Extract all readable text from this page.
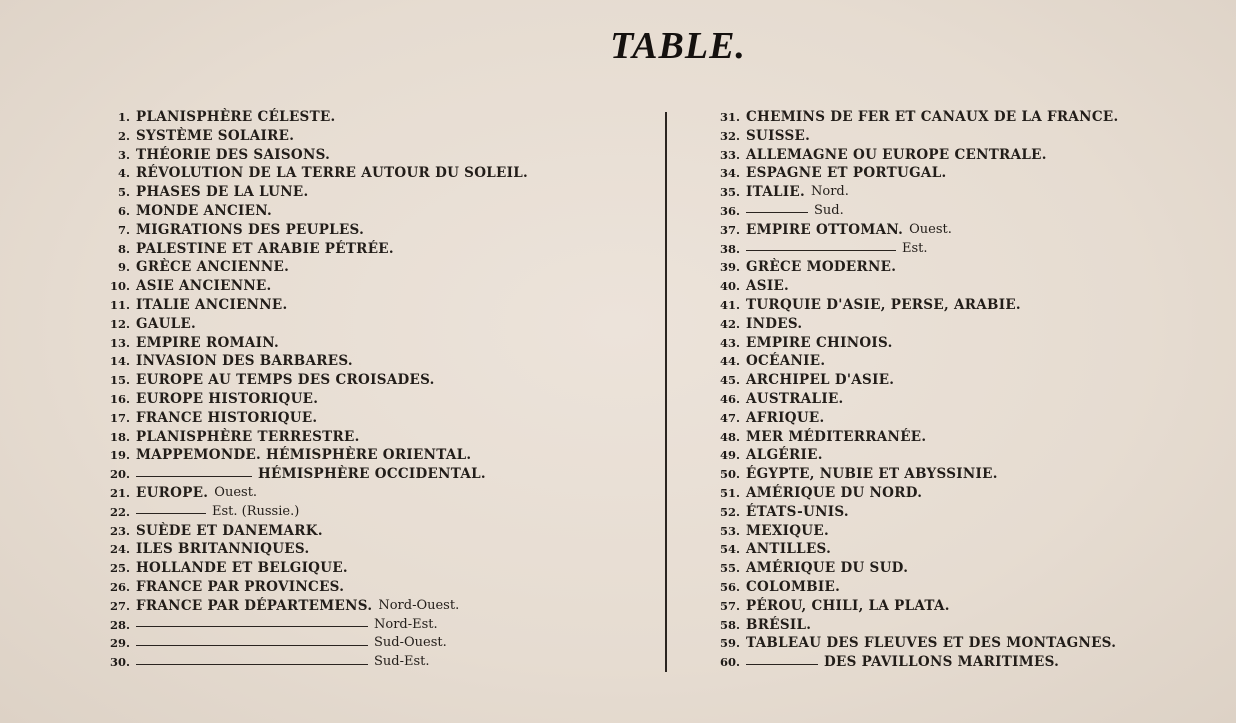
TABLE.
1. PLANISPHÈRE CÉLESTE.
2. SYSTÈME SOLAIRE.
3. THÉORIE DES SAISONS.
4. RÉVOLUTION DE LA TERRE AUTOUR DU SOLEIL.
5. PHASES DE LA LUNE.
6. MONDE ANCIEN.
7. MIGRATIONS DES PEUPLES.
8. PALESTINE ET ARABIE PÉTRÉE.
9. GRÈCE ANCIENNE.
10. ASIE ANCIENNE.
11. ITALIE ANCIENNE.
12. GAULE.
13. EMPIRE ROMAIN.
14. INVASION DES BARBARES.
15. EUROPE AU TEMPS DES CROISADES.
16. EUROPE HISTORIQUE.
17. FRANCE HISTORIQUE.
18. PLANISPHÈRE TERRESTRE.
19. MAPPEMONDE. HÉMISPHÈRE ORIENTAL.
20.	HÉMISPHÈRE OCCIDENTAL.
21. EUROPE. Ouest.
22.	Est. (Russie.)
23. SUÈDE ET DANEMARK.
24. ILES BRITANNIQUES.
25. HOLLANDE ET BELGIQUE.
26. FRANCE PAR PROVINCES.
27. FRANCE PAR DÉPARTEMENS. Nord-Ouest.
28.	Nord-Est.
29.	Sud-Ouest.
30.	Sud-Est.
31. CHEMINS DE FER ET CANAUX DE LA FRANCE.
32. SUISSE.
33. ALLEMAGNE OU EUROPE CENTRALE.
34. ESPAGNE ET PORTUGAL.
35. ITALIE. Nord.
36.	Sud.
37. EMPIRE OTTOMAN. Ouest.
38.	Est.
39. GRÈCE MODERNE.
40. ASIE.
41. TURQUIE D'ASIE, PERSE, ARABIE.
42. INDES.
43. EMPIRE CHINOIS.
44. OCÉANIE.
45. ARCHIPEL D'ASIE.
46. AUSTRALIE.
47. AFRIQUE.
48. MER MÉDITERRANÉE.
49. ALGÉRIE.
50. ÉGYPTE, NUBIE ET ABYSSINIE.
51. AMÉRIQUE DU NORD.
52. ÉTATS-UNIS.
53. MEXIQUE.
54. ANTILLES.
55. AMÉRIQUE DU SUD.
56. COLOMBIE.
57. PÉROU, CHILI, LA PLATA.
58. BRÉSIL.
59. TABLEAU DES FLEUVES ET DES MONTAGNES.
60.	DES PAVILLONS MARITIMES.
